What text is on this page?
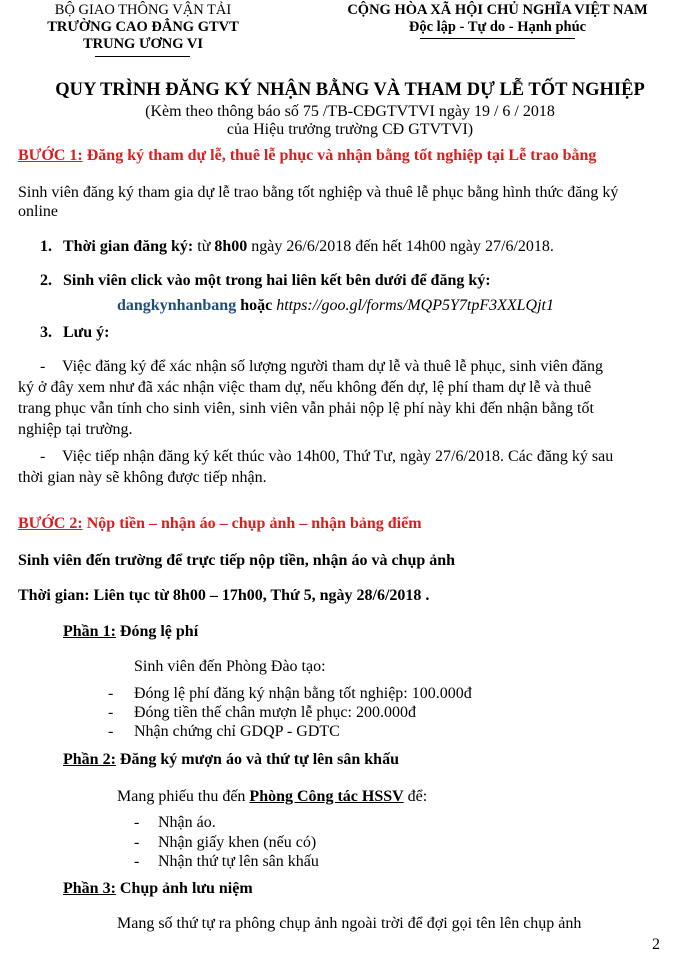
BỘ GIAO THÔNG VẬN TẢI
TRƯỜNG CAO ĐẲNG GTVT
TRUNG ƯƠNG VI
CỘNG HÒA XÃ HỘI CHỦ NGHĨA VIỆT NAM
Độc lập - Tự do - Hạnh phúc
QUY TRÌNH ĐĂNG KÝ NHẬN BẰNG VÀ THAM DỰ LỄ TỐT NGHIỆP
(Kèm theo thông báo số 75 /TB-CĐGTVTVI ngày 19 / 6 / 2018
của Hiệu trưởng trường CĐ GTVTVI)
BƯỚC 1: Đăng ký tham dự lễ, thuê lễ phục và nhận bằng tốt nghiệp tại Lễ trao bằng
Sinh viên đăng ký tham gia dự lễ trao bằng tốt nghiệp và thuê lễ phục bằng hình thức đăng ký
online
1. Thời gian đăng ký: từ 8h00 ngày 26/6/2018 đến hết 14h00 ngày 27/6/2018.
2. Sinh viên click vào một trong hai liên kết bên dưới để đăng ký:
dangkynhanbang hoặc https://goo.gl/forms/MQP5Y7tpF3XXLQjt1
3. Lưu ý:
- Việc đăng ký để xác nhận số lượng người tham dự lễ và thuê lễ phục, sinh viên đăng
ký ở đây xem như đã xác nhận việc tham dự, nếu không đến dự, lệ phí tham dự lễ và thuê
trang phục vẫn tính cho sinh viên, sinh viên vẫn phải nộp lệ phí này khi đến nhận bằng tốt
nghiệp tại trường.
- Việc tiếp nhận đăng ký kết thúc vào 14h00, Thứ Tư, ngày 27/6/2018. Các đăng ký sau
thời gian này sẽ không được tiếp nhận.
BƯỚC 2: Nộp tiền – nhận áo – chụp ảnh – nhận bảng điểm
Sinh viên đến trường để trực tiếp nộp tiền, nhận áo và chụp ảnh
Thời gian: Liên tục từ 8h00 – 17h00, Thứ 5, ngày 28/6/2018 .
Phần 1: Đóng lệ phí
Sinh viên đến Phòng Đào tạo:
- Đóng lệ phí đăng ký nhận bằng tốt nghiệp: 100.000đ
- Đóng tiền thế chân mượn lễ phục: 200.000đ
- Nhận chứng chỉ GDQP - GDTC
Phần 2: Đăng ký mượn áo và thứ tự lên sân khấu
Mang phiếu thu đến Phòng Công tác HSSV để:
- Nhận áo.
- Nhận giấy khen (nếu có)
- Nhận thứ tự lên sân khấu
Phần 3: Chụp ảnh lưu niệm
Mang số thứ tự ra phông chụp ảnh ngoài trời để đợi gọi tên lên chụp ảnh
2
